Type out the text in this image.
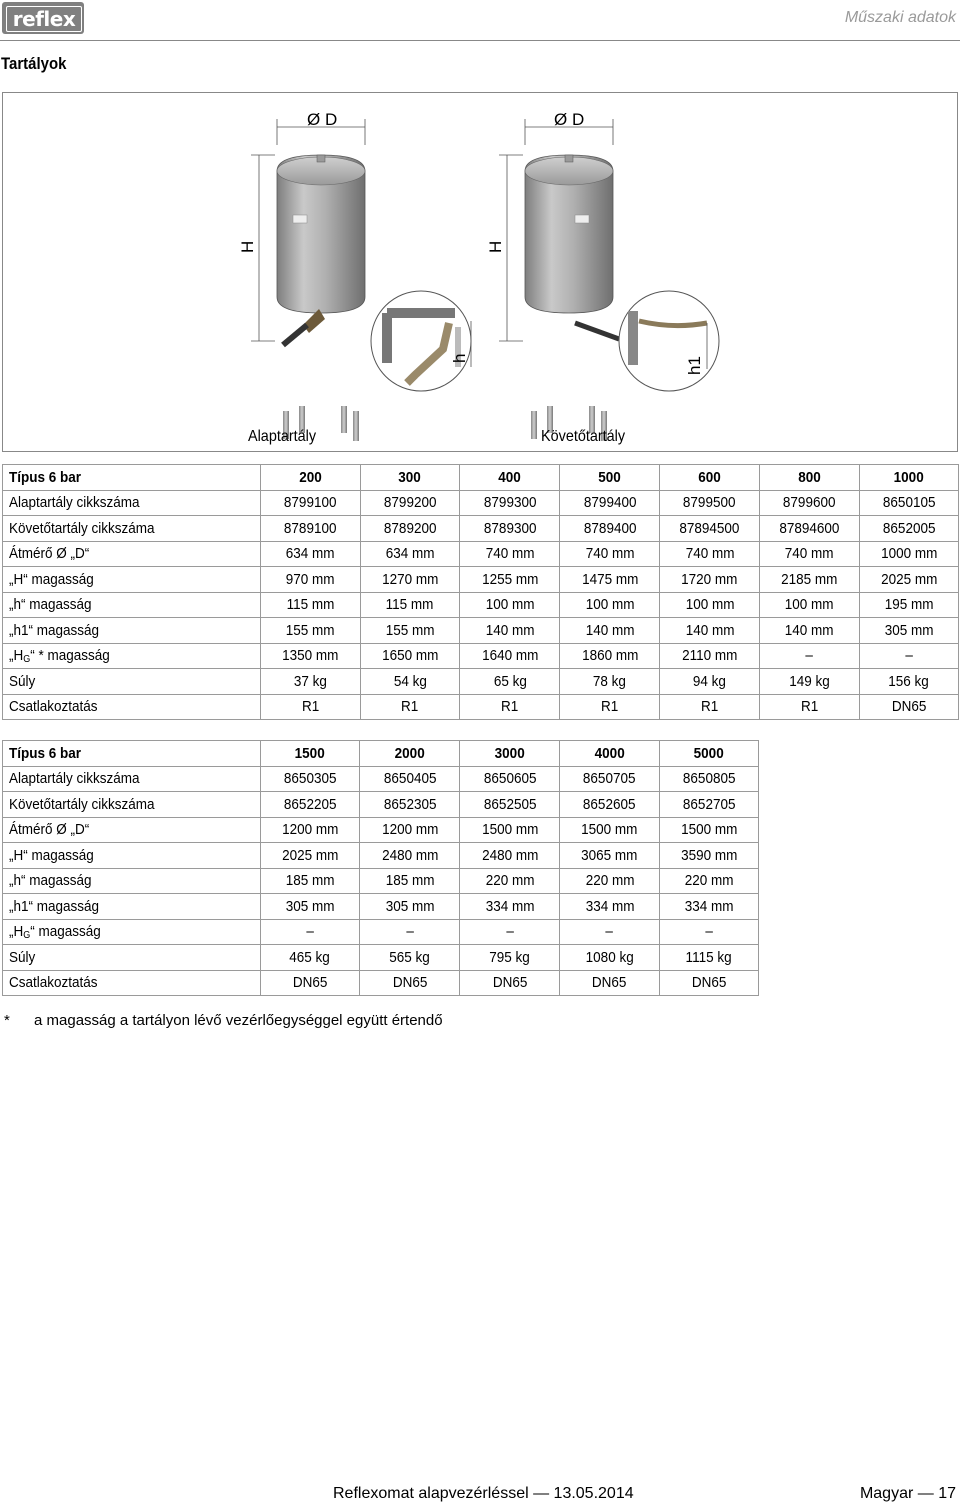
reflex	Műszaki adatok
Tartályok
Ø D
H
h
Ø D
H
h1
Alaptartály	Követőtartály
Típus 6 bar	200	300	400	500	600	800	1000
Alaptartály cikkszáma	8799100	8799200	8799300	8799400	8799500	8799600	8650105
Követőtartály cikkszáma	8789100	8789200	8789300	8789400	87894500	87894600	8652005
Átmérő Ø „D“	634 mm	634 mm	740 mm	740 mm	740 mm	740 mm	1000 mm
„H“ magasság	970 mm	1270 mm	1255 mm	1475 mm	1720 mm	2185 mm	2025 mm
„h“ magasság	115 mm	115 mm	100 mm	100 mm	100 mm	100 mm	195 mm
„h1“ magasság	155 mm	155 mm	140 mm	140 mm	140 mm	140 mm	305 mm
$„H_G“$ * magasság	1350 mm	1650 mm	1640 mm	1860 mm	2110 mm	–	–
Súly	37 kg	54 kg	65 kg	78 kg	94 kg	149 kg	156 kg
Csatlakoztatás	R1	R1	R1	R1	R1	R1	DN65
Típus 6 bar	1500	2000	3000	4000	5000
Alaptartály cikkszáma	8650305	8650405	8650605	8650705	8650805
Követőtartály cikkszáma	8652205	8652305	8652505	8652605	8652705
Átmérő Ø „D“	1200 mm	1200 mm	1500 mm	1500 mm	1500 mm
„H“ magasság	2025 mm	2480 mm	2480 mm	3065 mm	3590 mm
„h“ magasság	185 mm	185 mm	220 mm	220 mm	220 mm
„h1“ magasság	305 mm	305 mm	334 mm	334 mm	334 mm
$„H_G“$ magasság	–	–	–	–	–
Súly	465 kg	565 kg	795 kg	1080 kg	1115 kg
Csatlakoztatás	DN65	DN65	DN65	DN65	DN65
* a magasság a tartályon lévő vezérlőegységgel együtt értendő
Reflexomat alapvezérléssel — 13.05.2014	Magyar — 17
